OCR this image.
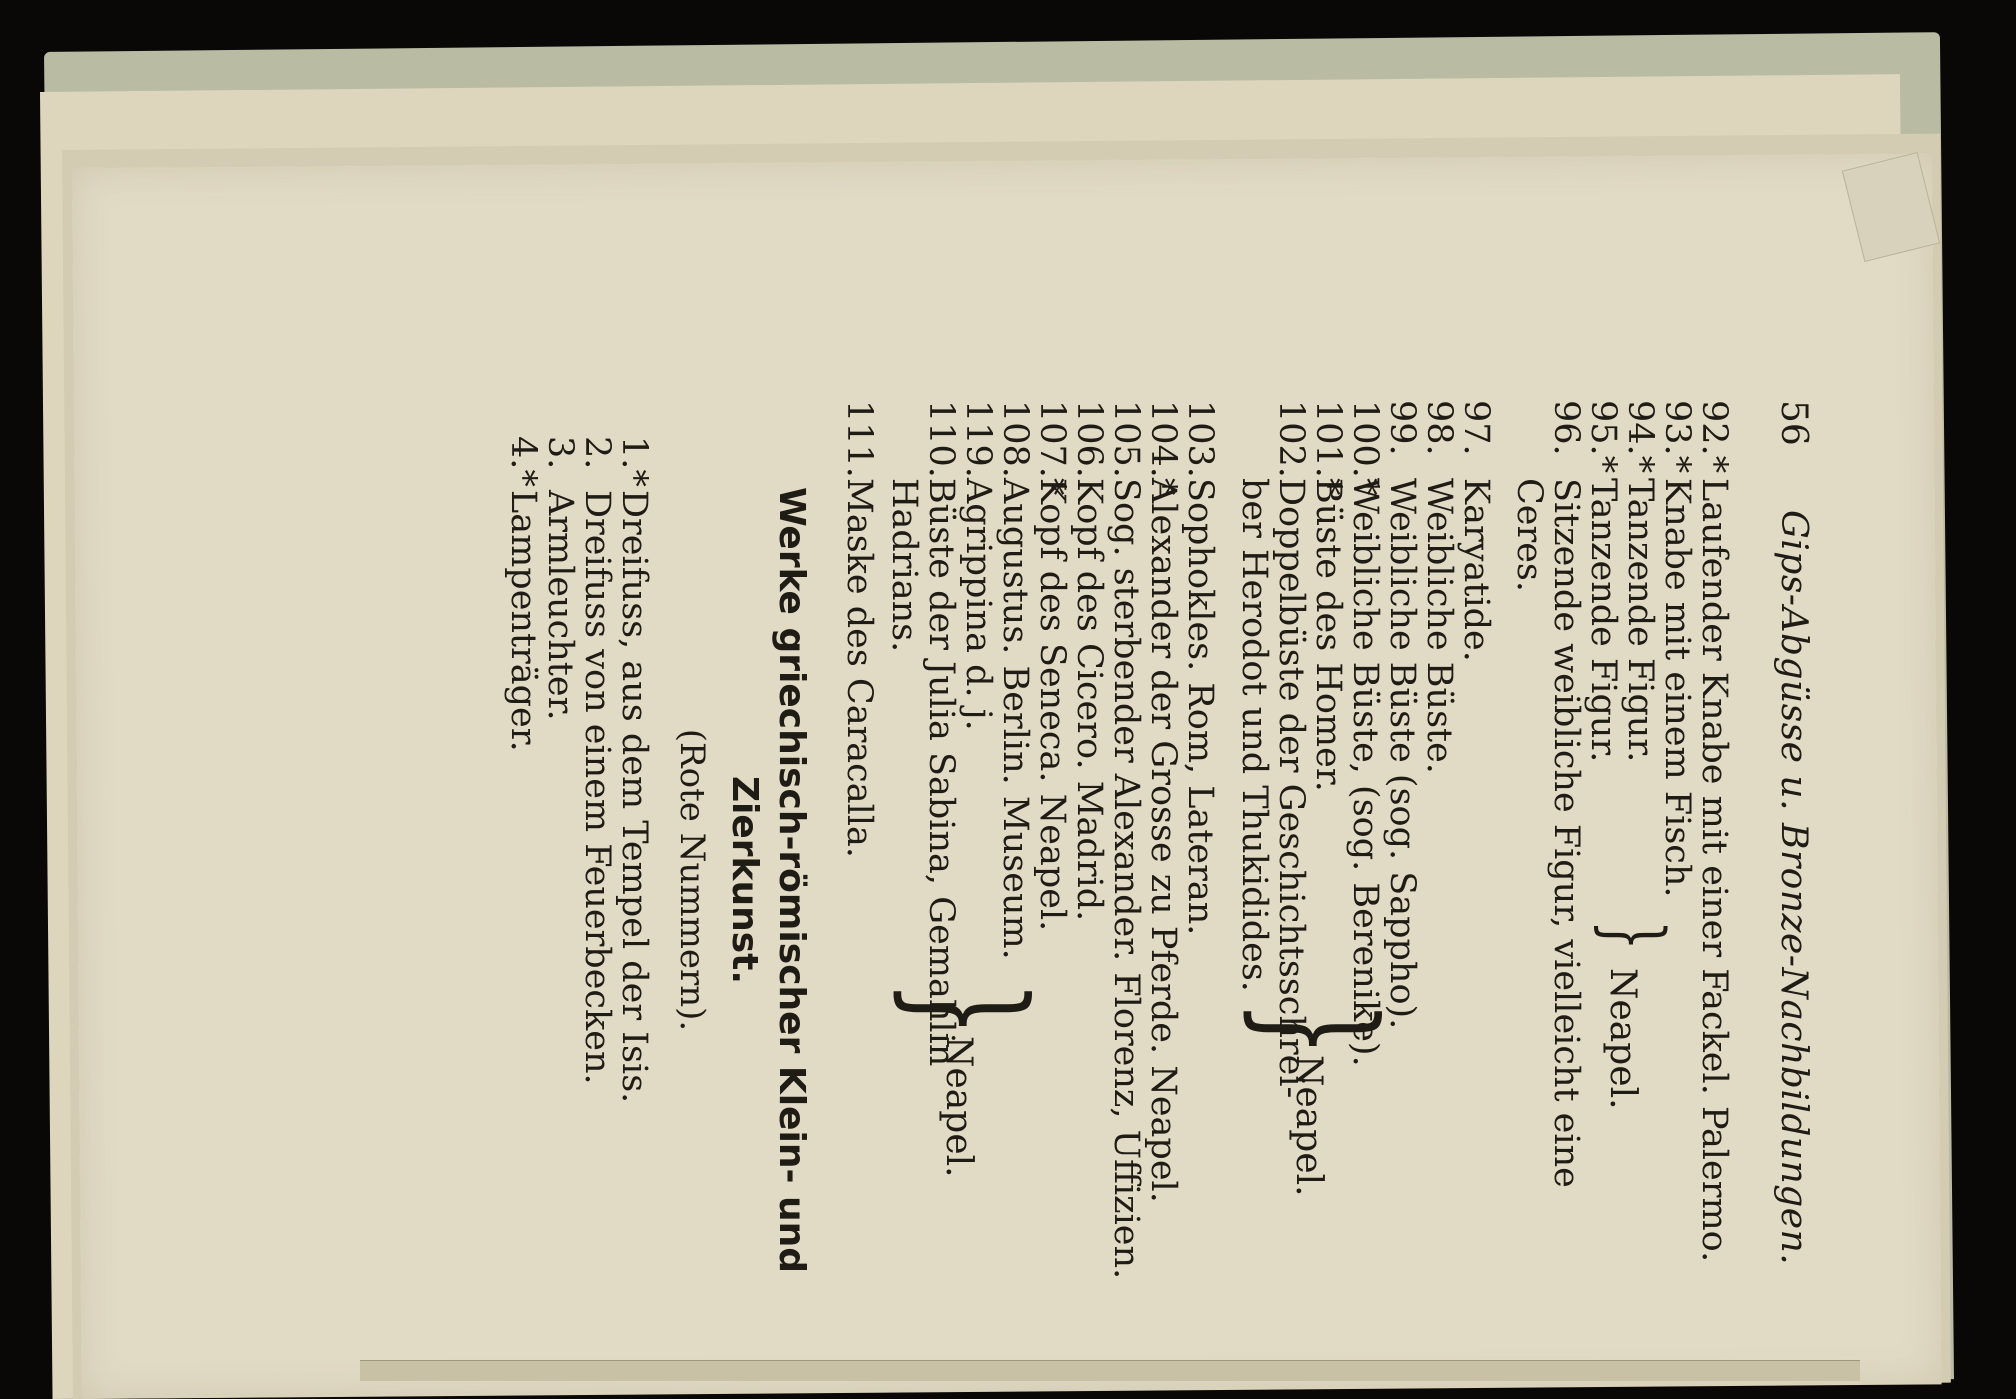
56
Gips-Abgüsse u. Bronze-Nachbildungen.
92.*Laufender Knabe mit einer Fackel. Palermo.
93.*Knabe mit einem Fisch.
94.*Tanzende Figur.
95.*Tanzende Figur.
96.Sitzende weibliche Figur, vielleicht eine
Ceres.
97.Karyatide.
98.Weibliche Büste.
99.Weibliche Büste (sog. Sappho).
100.*Weibliche Büste, (sog. Berenike).
101.*Büste des Homer.
102.Doppelbüste der Geschichtsschrei-
ber Herodot und Thukidides.
103.Sophokles. Rom, Lateran.
104.*Alexander der Grosse zu Pferde. Neapel.
105.Sog. sterbender Alexander. Florenz, Uffizien.
106.Kopf des Cicero. Madrid.
107.*Kopf des Seneca. Neapel.
108.Augustus. Berlin. Museum.
119.Agrippina d. j.
110.Büste der Julia Sabina, Gemahlin
Hadrians.
111.Maske des Caracalla.
}
Neapel.
}
Neapel.
}
Neapel.
Werke griechisch-römischer Klein- und
Zierkunst.
(Rote Nummern).
1.*Dreifuss, aus dem Tempel der Isis.
2.Dreifuss von einem Feuerbecken.
3.Armleuchter.
4.*Lampenträger.
